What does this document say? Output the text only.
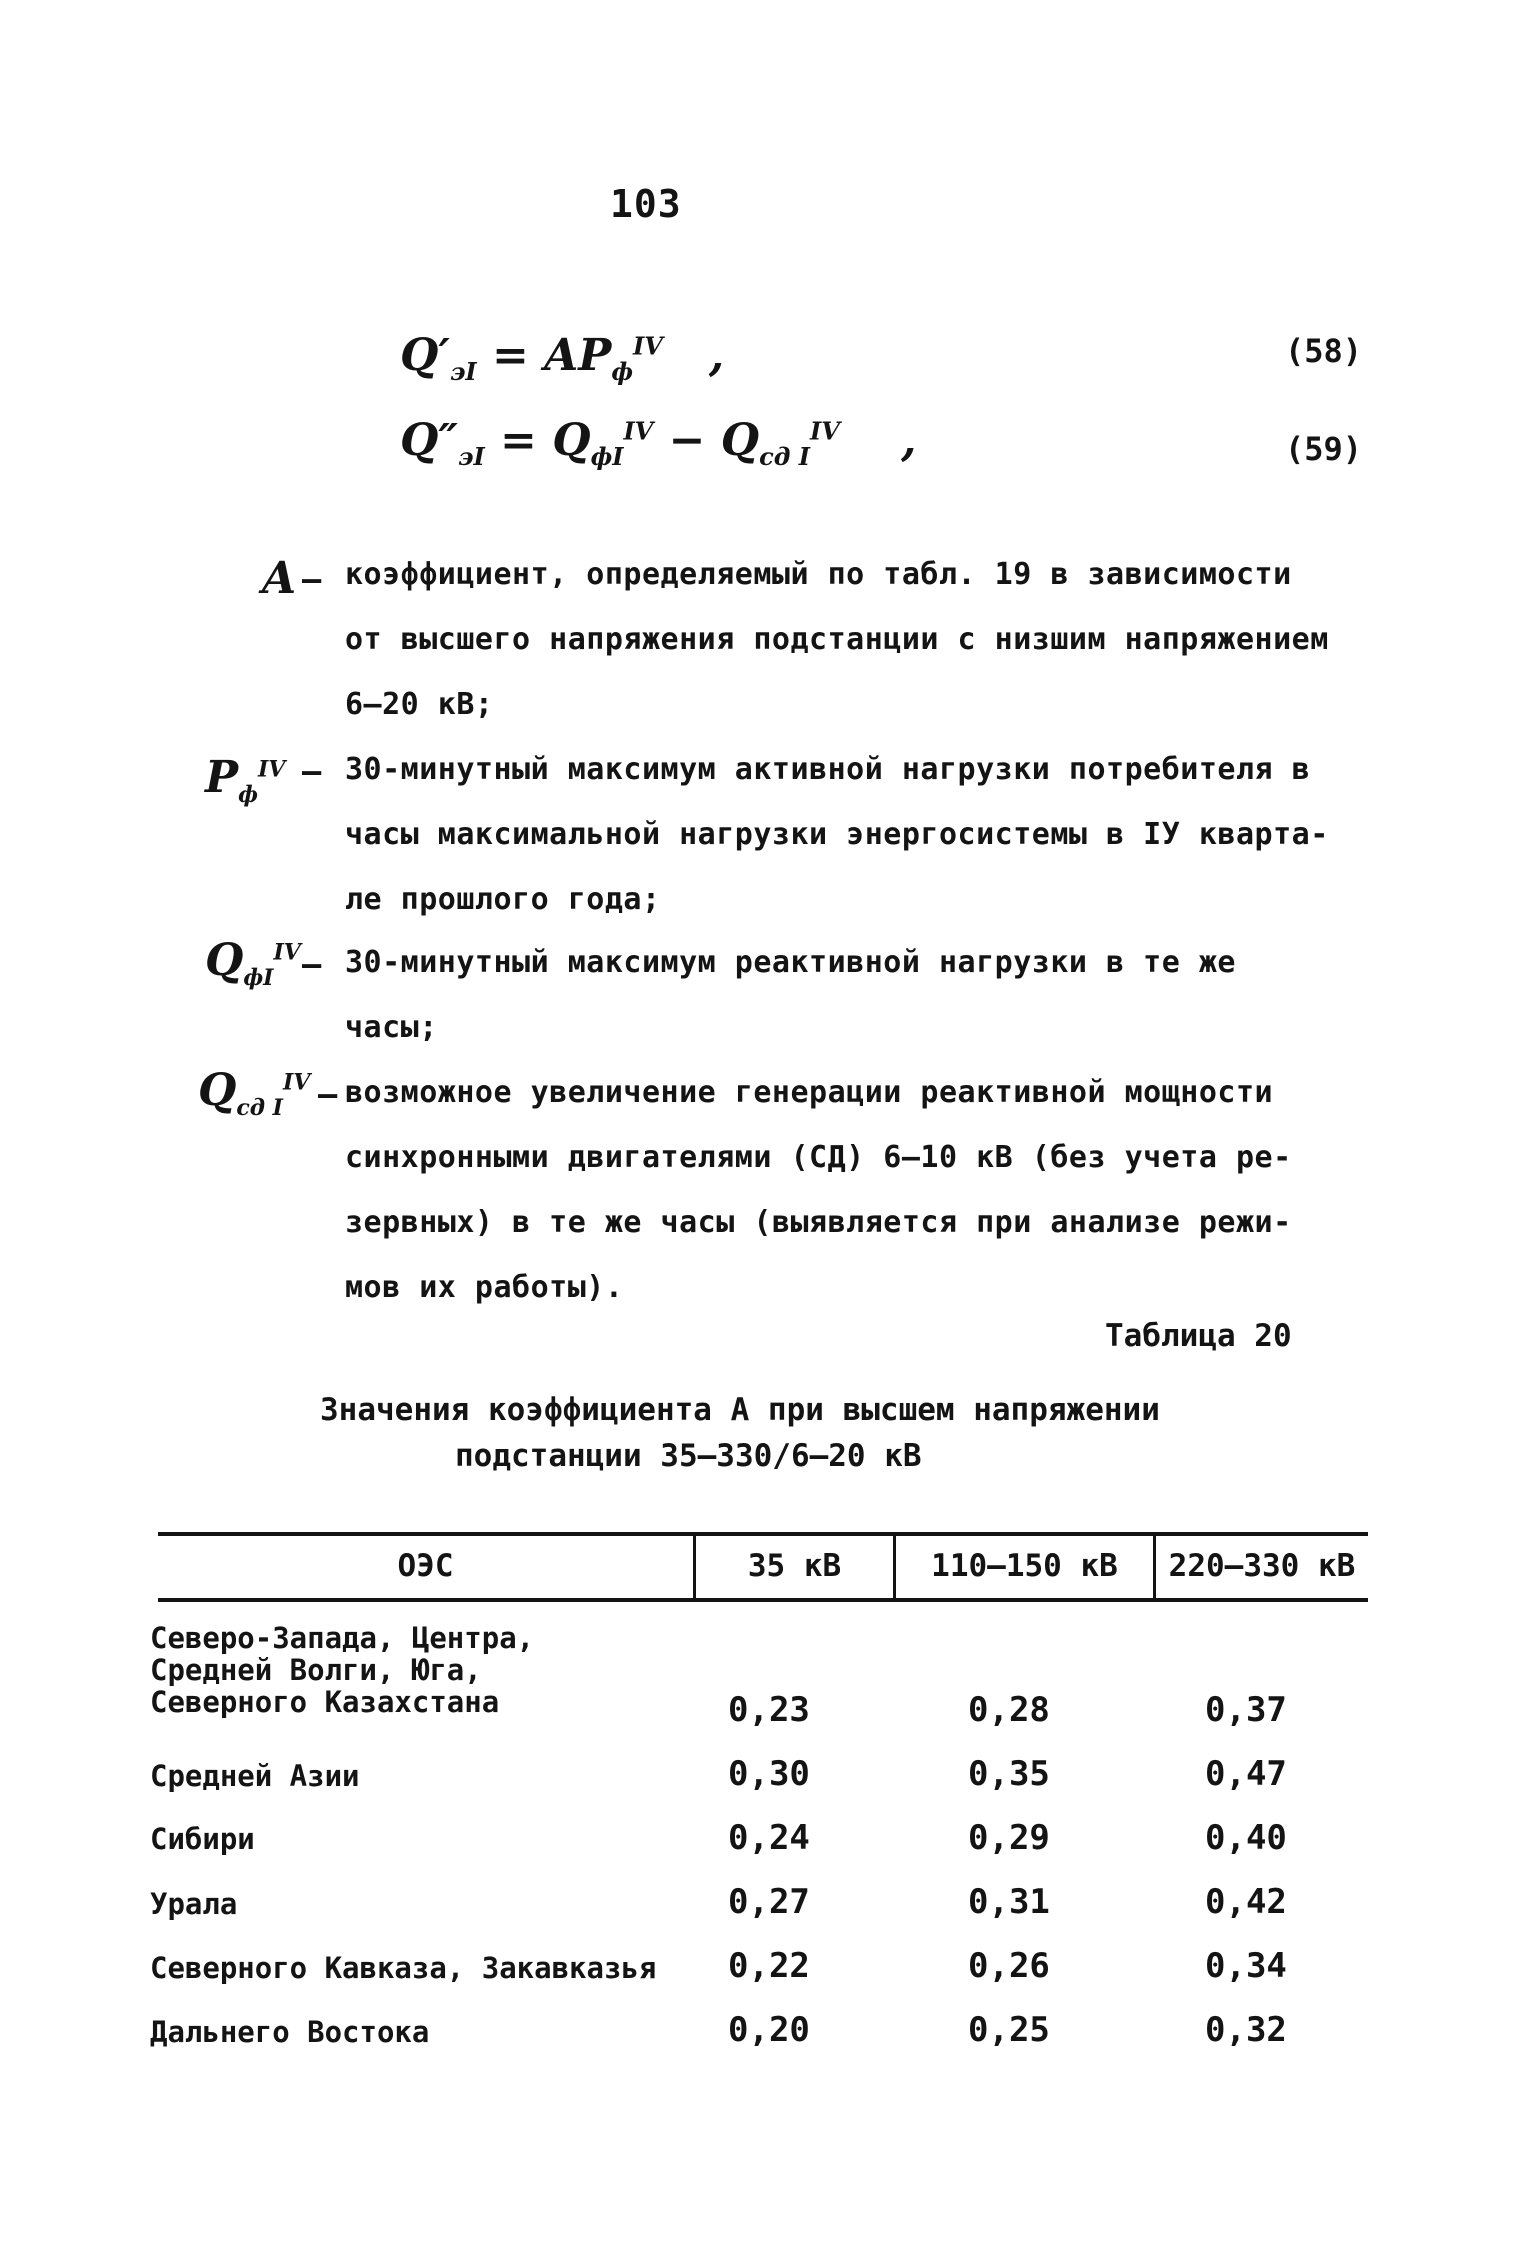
103
$Q'_{эI} = AP_ф^{IV}$   ,	(58)
$Q''_{эI} = Q_{фI}^{IV} - Q_{сд I}^{IV}$    ,	(59)
A – коэффициент, определяемый по табл. 19 в зависимости
от высшего напряжения подстанции с низшим напряжением
6–20 кВ;
$P_ф^{IV}$ – 30-минутный максимум активной нагрузки потребителя в
часы максимальной нагрузки энергосистемы в IУ кварта-
ле прошлого года;
$Q_{фI}^{IV}$ – 30-минутный максимум реактивной нагрузки в те же
часы;
$Q_{сд I}^{IV}$ – возможное увеличение генерации реактивной мощности
синхронными двигателями (СД) 6–10 кВ (без учета ре-
зервных) в те же часы (выявляется при анализе режи-
мов их работы).
Таблица 20
Значения коэффициента А при высшем напряжении
подстанции 35–330/6–20 кВ
ОЭС	35 кВ	110–150 кВ	220–330 кВ
Северо-Запада, Центра,
Средней Волги, Юга,
Северного Казахстана	0,23	0,28	0,37
Средней Азии	0,30	0,35	0,47
Сибири	0,24	0,29	0,40
Урала	0,27	0,31	0,42
Северного Кавказа, Закавказья 0,22	0,26	0,34
Дальнего Востока	0,20	0,25	0,32
